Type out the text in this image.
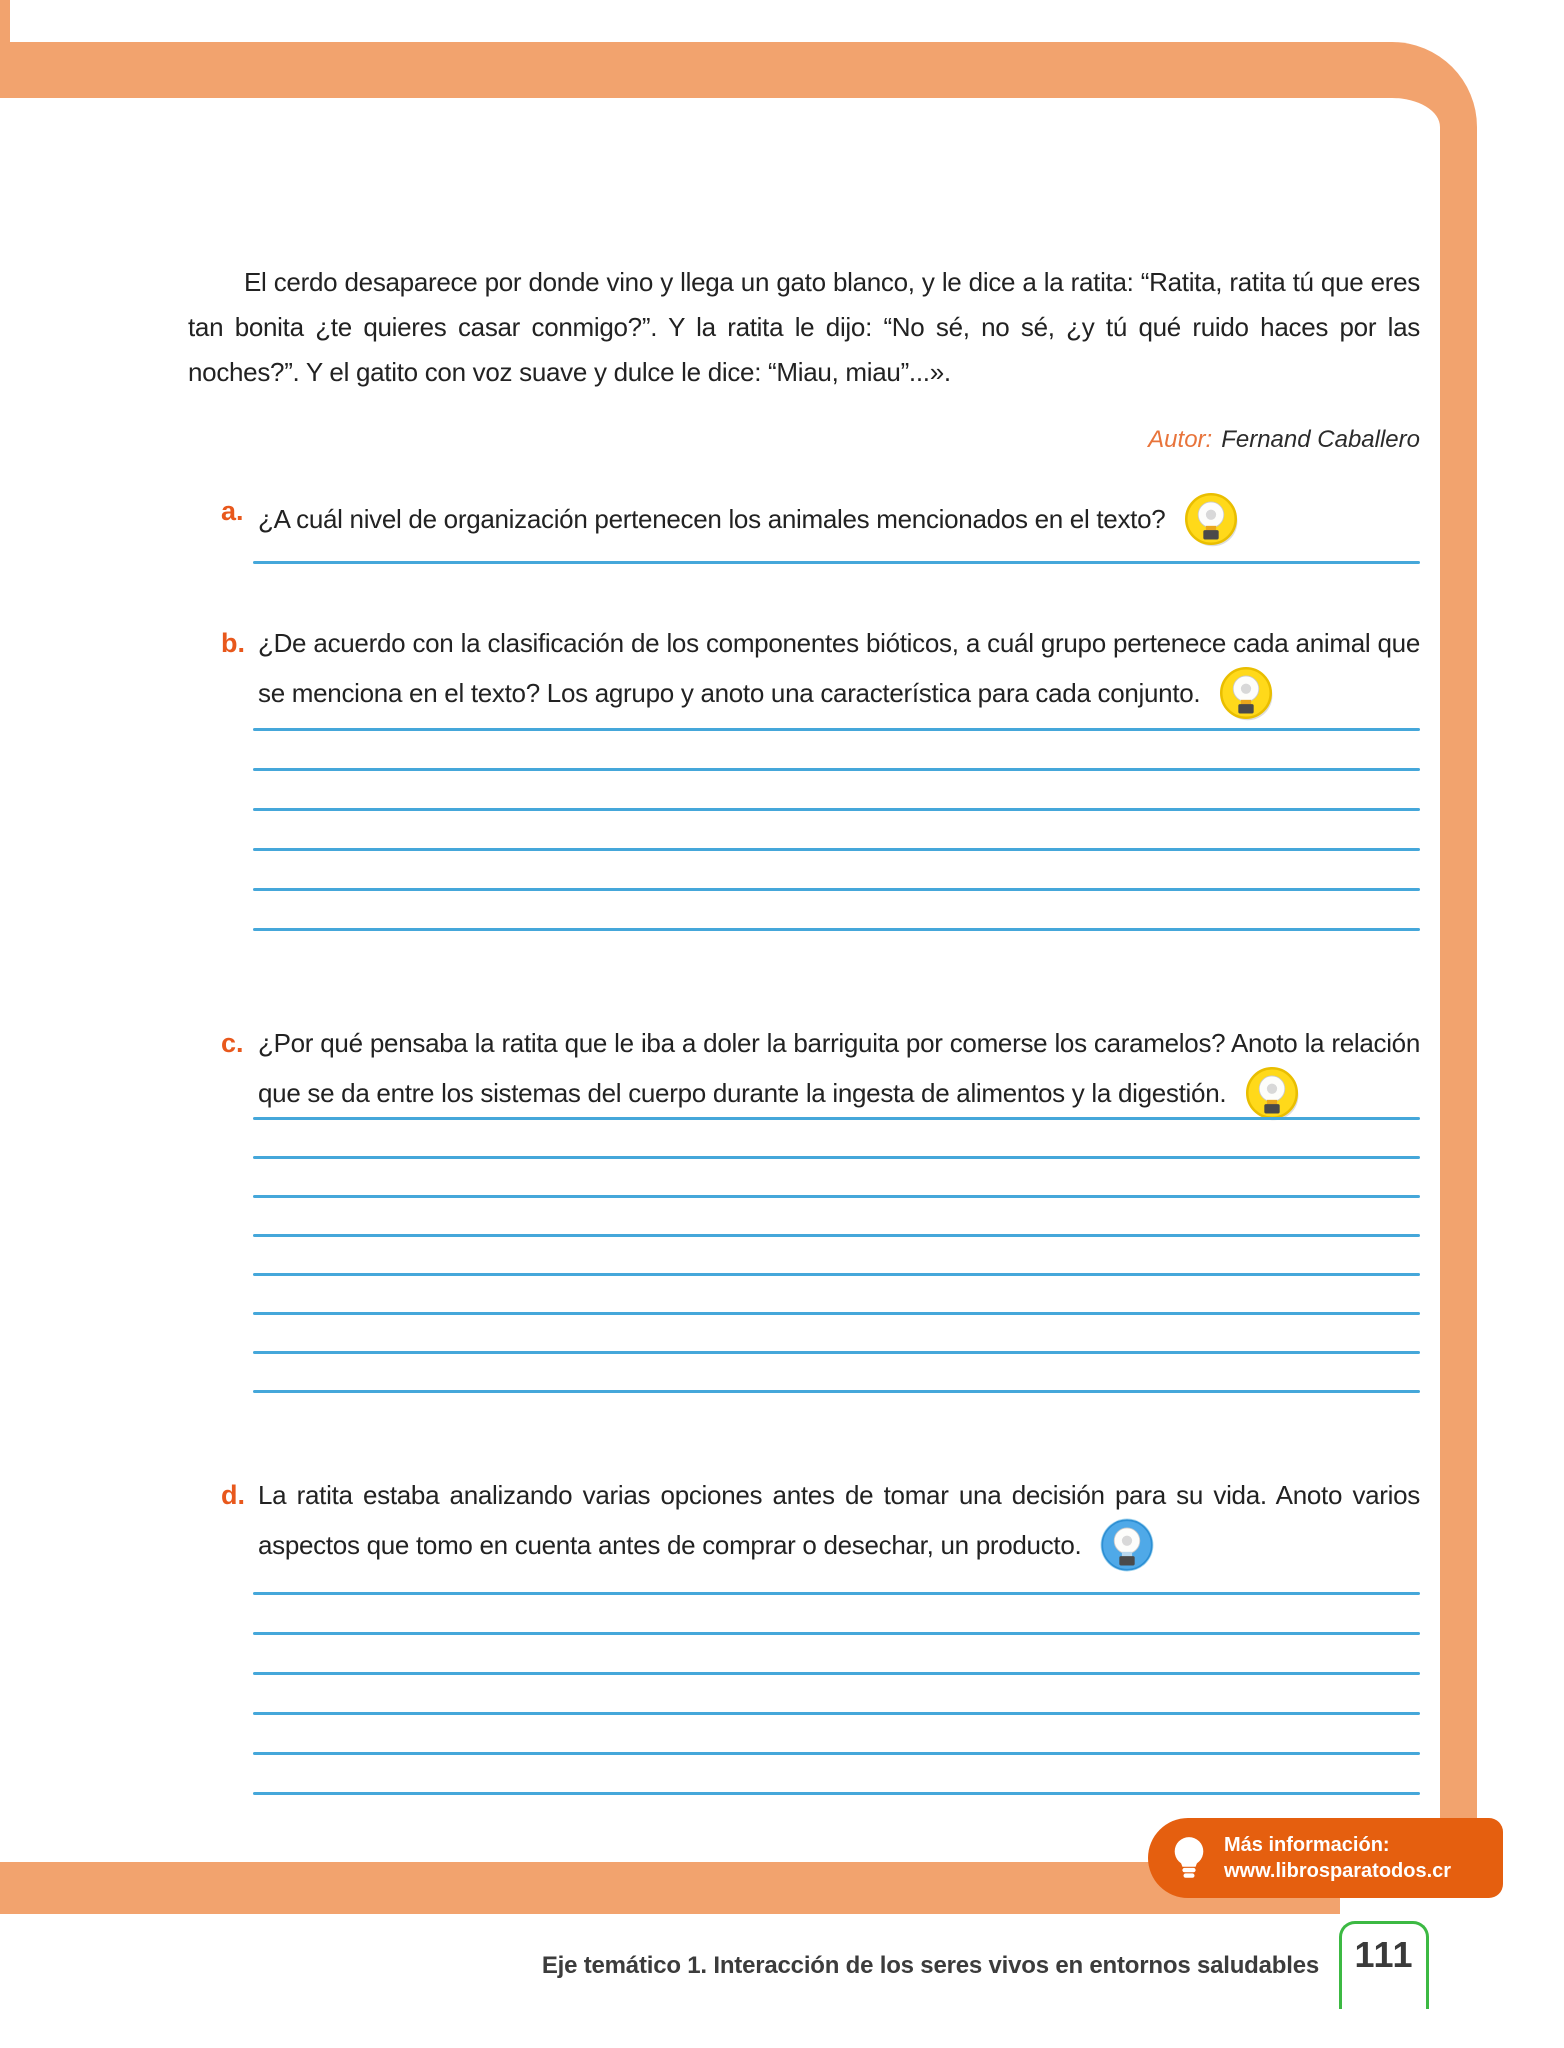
El cerdo desaparece por donde vino y llega un gato blanco, y le dice a la ratita: “Ratita, ratita tú que eres tan bonita ¿te quieres casar conmigo?”. Y la ratita le dijo: “No sé, no sé, ¿y tú qué ruido haces por las noches?”. Y el gatito con voz suave y dulce le dice: “Miau, miau”...».

Autor: Fernand Caballero

a. ¿A cuál nivel de organización pertenecen los animales mencionados en el texto?
b. ¿De acuerdo con la clasificación de los componentes bióticos, a cuál grupo pertenece cada animal que se menciona en el texto? Los agrupo y anoto una característica para cada conjunto.
c. ¿Por qué pensaba la ratita que le iba a doler la barriguita por comerse los caramelos? Anoto la relación que se da entre los sistemas del cuerpo durante la ingesta de alimentos y la digestión.
d. La ratita estaba analizando varias opciones antes de tomar una decisión para su vida. Anoto varios aspectos que tomo en cuenta antes de comprar o desechar, un producto.
Más información:
www.librosparatodos.cr
Eje temático 1. Interacción de los seres vivos en entornos saludables 111
